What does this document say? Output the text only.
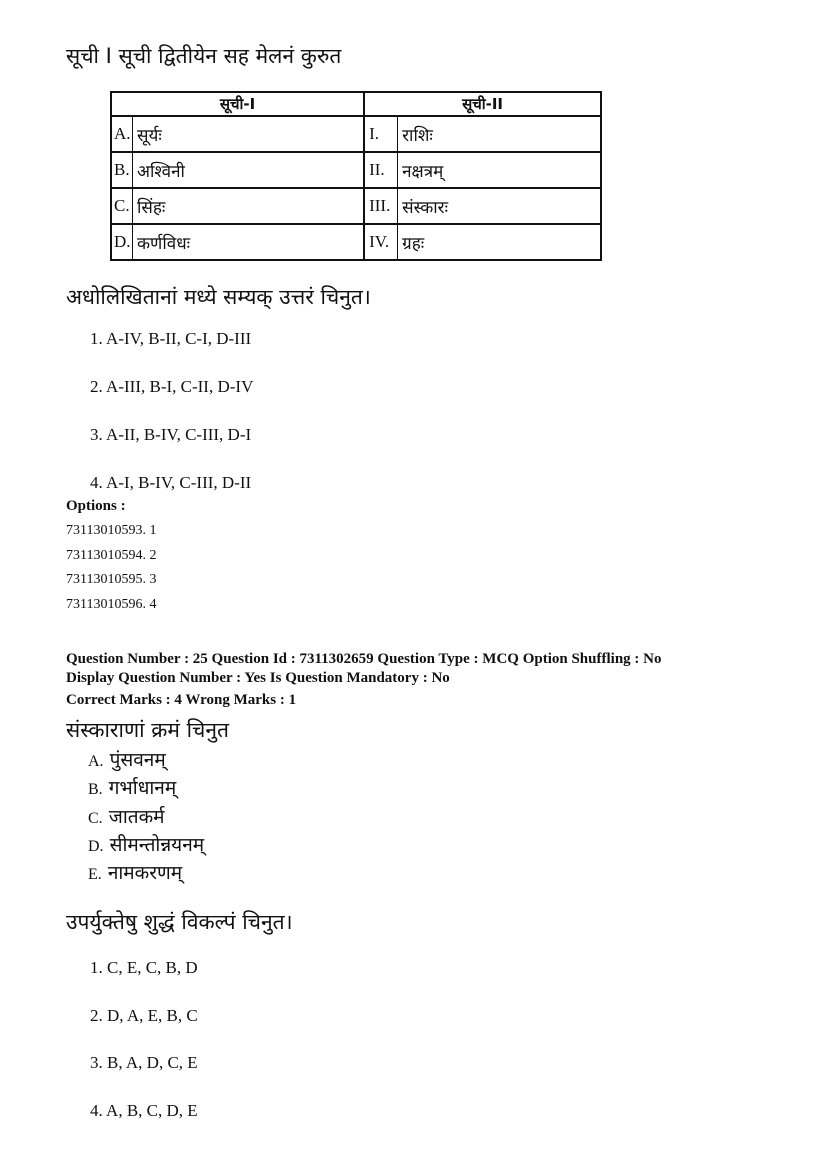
सूची I सूची द्वितीयेन सह मेलनं कुरुत
सूची-I		सूची-II	
A.	सूर्यः	I.	राशिः
B.	अश्विनी	II.	नक्षत्रम्
C.	सिंहः	III.	संस्कारः
D.	कर्णविधः	IV.	ग्रहः
अधोलिखितानां मध्ये सम्यक् उत्तरं चिनुत।
1. A-IV, B-II, C-I, D-III
2. A-III, B-I, C-II, D-IV
3. A-II, B-IV, C-III, D-I
4. A-I, B-IV, C-III, D-II
Options :
73113010593. 1
73113010594. 2
73113010595. 3
73113010596. 4
Question Number : 25 Question Id : 7311302659 Question Type : MCQ Option Shuffling : No
Display Question Number : Yes Is Question Mandatory : No
Correct Marks : 4 Wrong Marks : 1
संस्काराणां क्रमं चिनुत
A. पुंसवनम्
B. गर्भाधानम्
C. जातकर्म
D. सीमन्तोन्नयनम्
E. नामकरणम्
उपर्युक्तेषु शुद्धं विकल्पं चिनुत।
1. C, E, C, B, D
2. D, A, E, B, C
3. B, A, D, C, E
4. A, B, C, D, E
